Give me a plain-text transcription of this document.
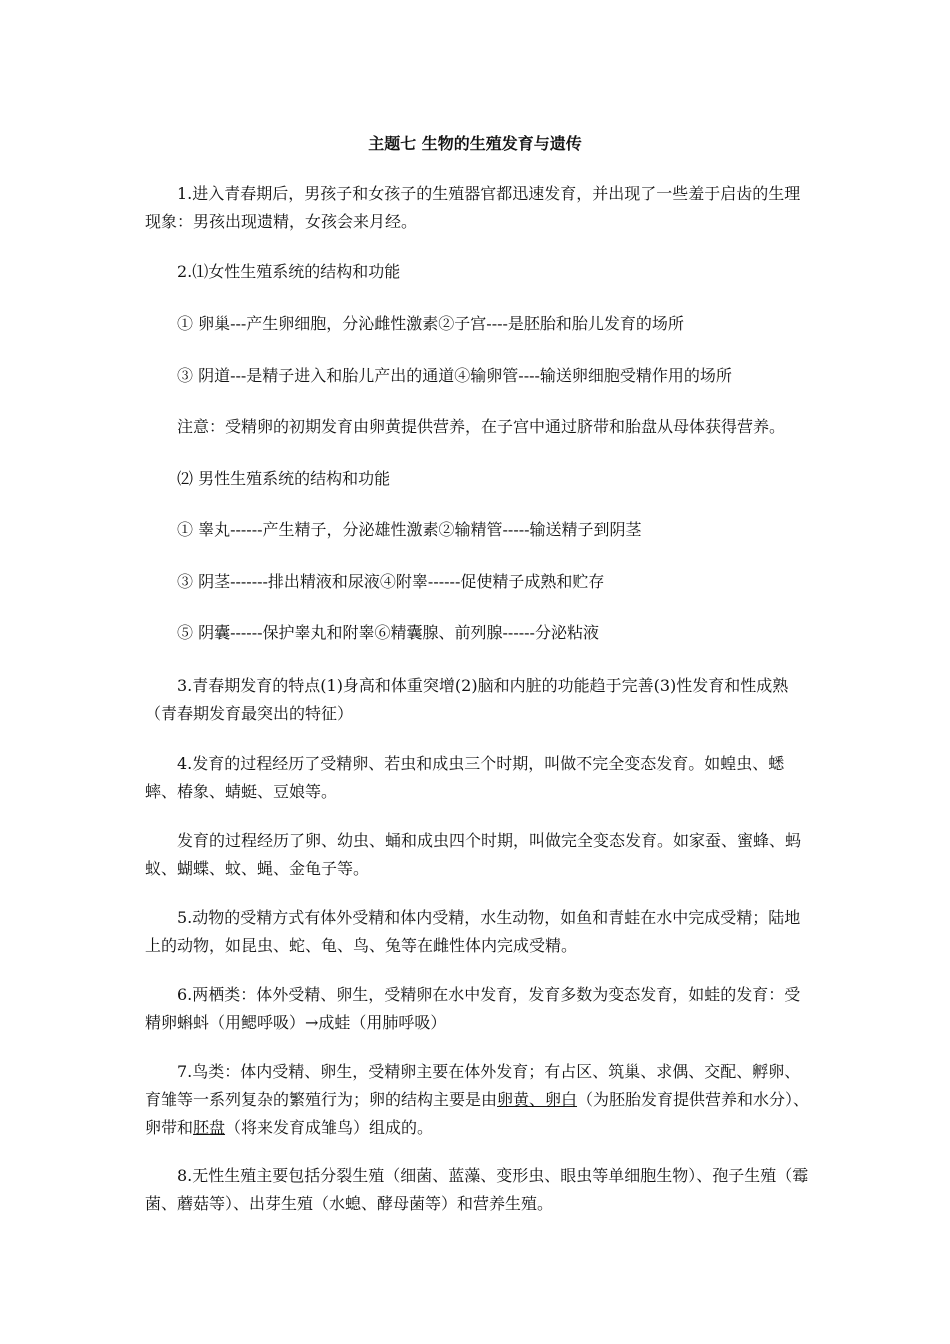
主题七 生物的生殖发育与遗传

1.进入青春期后，男孩子和女孩子的生殖器官都迅速发育，并出现了一些羞于启齿的生理现象：男孩出现遗精，女孩会来月经。

2.⑴女性生殖系统的结构和功能

① 卵巢---产生卵细胞，分沁雌性激素②子宫----是胚胎和胎儿发育的场所

③ 阴道---是精子进入和胎儿产出的通道④输卵管----输送卵细胞受精作用的场所

注意：受精卵的初期发育由卵黄提供营养，在子宫中通过脐带和胎盘从母体获得营养。

⑵ 男性生殖系统的结构和功能

① 睾丸------产生精子，分泌雄性激素②输精管-----输送精子到阴茎

③ 阴茎-------排出精液和尿液④附睾------促使精子成熟和贮存

⑤ 阴囊------保护睾丸和附睾⑥精囊腺、前列腺------分泌粘液

3.青春期发育的特点(1)身高和体重突增(2)脑和内脏的功能趋于完善(3)性发育和性成熟（青春期发育最突出的特征）

4.发育的过程经历了受精卵、若虫和成虫三个时期，叫做不完全变态发育。如蝗虫、蟋蟀、椿象、蜻蜓、豆娘等。

发育的过程经历了卵、幼虫、蛹和成虫四个时期，叫做完全变态发育。如家蚕、蜜蜂、蚂蚁、蝴蝶、蚊、蝇、金龟子等。

5.动物的受精方式有体外受精和体内受精，水生动物，如鱼和青蛙在水中完成受精；陆地上的动物，如昆虫、蛇、龟、鸟、兔等在雌性体内完成受精。

6.两栖类：体外受精、卵生，受精卵在水中发育，发育多数为变态发育，如蛙的发育：受精卵蝌蚪（用鳃呼吸）→成蛙（用肺呼吸）

7.鸟类：体内受精、卵生，受精卵主要在体外发育；有占区、筑巢、求偶、交配、孵卵、育雏等一系列复杂的繁殖行为；卵的结构主要是由卵黄、卵白（为胚胎发育提供营养和水分）、卵带和胚盘（将来发育成雏鸟）组成的。

8.无性生殖主要包括分裂生殖（细菌、蓝藻、变形虫、眼虫等单细胞生物）、孢子生殖（霉菌、蘑菇等）、出芽生殖（水螅、酵母菌等）和营养生殖。
